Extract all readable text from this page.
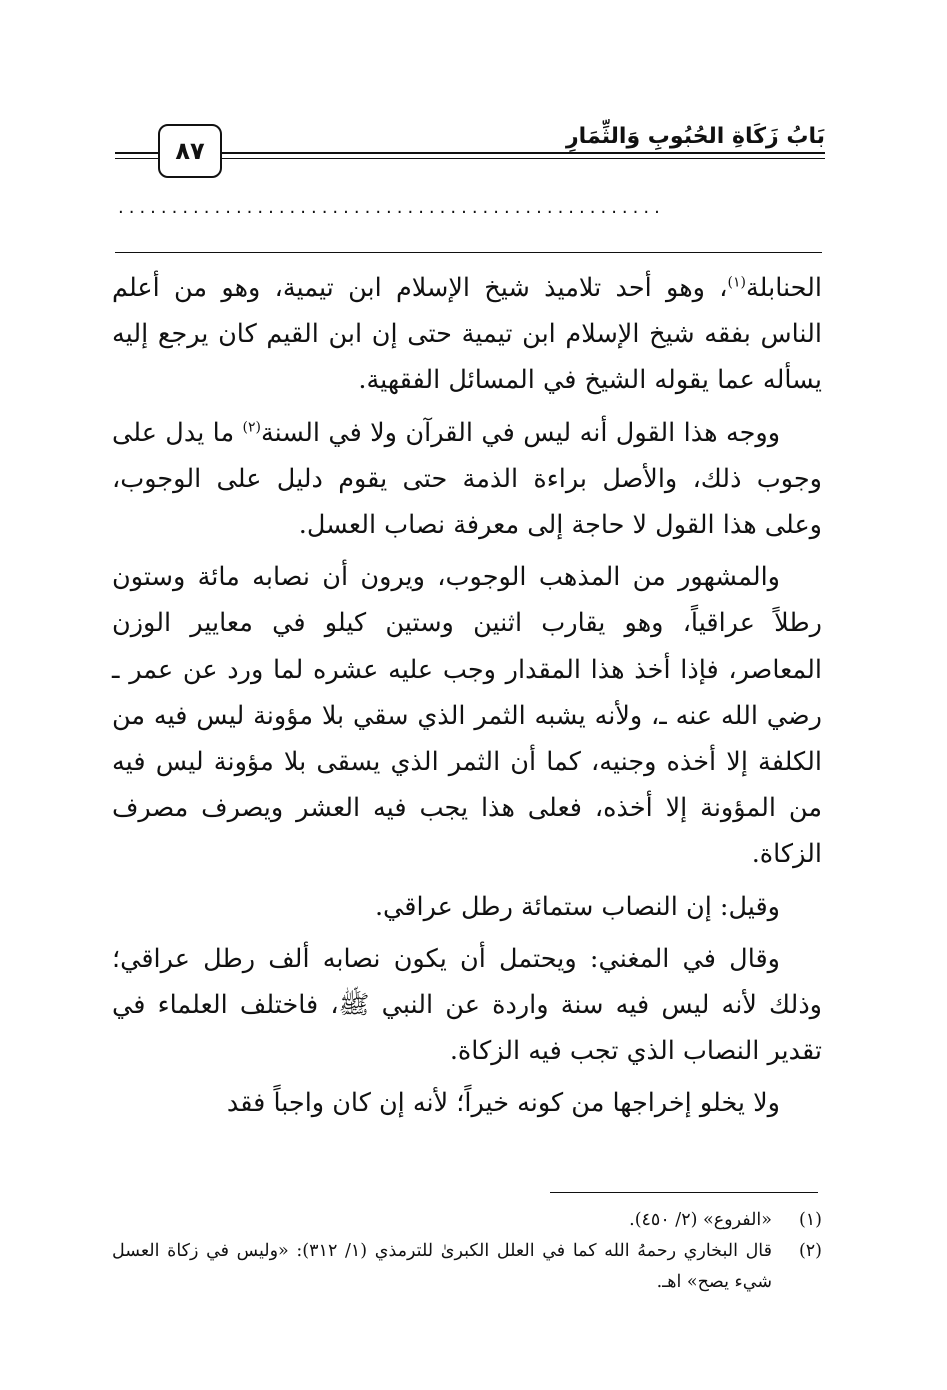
٨٧
بَابُ زَكَاةِ الحُبُوبِ وَالثِّمَارِ
...................................................

الحنابلة$^{(١)}$، وهو أحد تلاميذ شيخ الإسلام ابن تيمية، وهو من أعلم الناس بفقه شيخ الإسلام ابن تيمية حتى إن ابن القيم كان يرجع إليه يسأله عما يقوله الشيخ في المسائل الفقهية.

ووجه هذا القول أنه ليس في القرآن ولا في السنة$^{(٢)}$ ما يدل على وجوب ذلك، والأصل براءة الذمة حتى يقوم دليل على الوجوب، وعلى هذا القول لا حاجة إلى معرفة نصاب العسل.

والمشهور من المذهب الوجوب، ويرون أن نصابه مائة وستون رطلاً عراقياً، وهو يقارب اثنين وستين كيلو في معايير الوزن المعاصر، فإذا أخذ هذا المقدار وجب عليه عشره لما ورد عن عمر ـ رضي الله عنه ـ، ولأنه يشبه الثمر الذي سقي بلا مؤونة ليس فيه من الكلفة إلا أخذه وجنيه، كما أن الثمر الذي يسقى بلا مؤونة ليس فيه من المؤونة إلا أخذه، فعلى هذا يجب فيه العشر ويصرف مصرف الزكاة.

وقيل: إن النصاب ستمائة رطل عراقي.

وقال في المغني: ويحتمل أن يكون نصابه ألف رطل عراقي؛ وذلك لأنه ليس فيه سنة واردة عن النبي ﷺ، فاختلف العلماء في تقدير النصاب الذي تجب فيه الزكاة.

ولا يخلو إخراجها من كونه خيراً؛ لأنه إن كان واجباً فقد

(١)
«الفروع» (٢/ ٤٥٠).
(٢)
قال البخاري رحمهُ الله كما في العلل الكبرىٰ للترمذي (١/ ٣١٢): «وليس في زكاة العسل شيء يصح» اهـ.
